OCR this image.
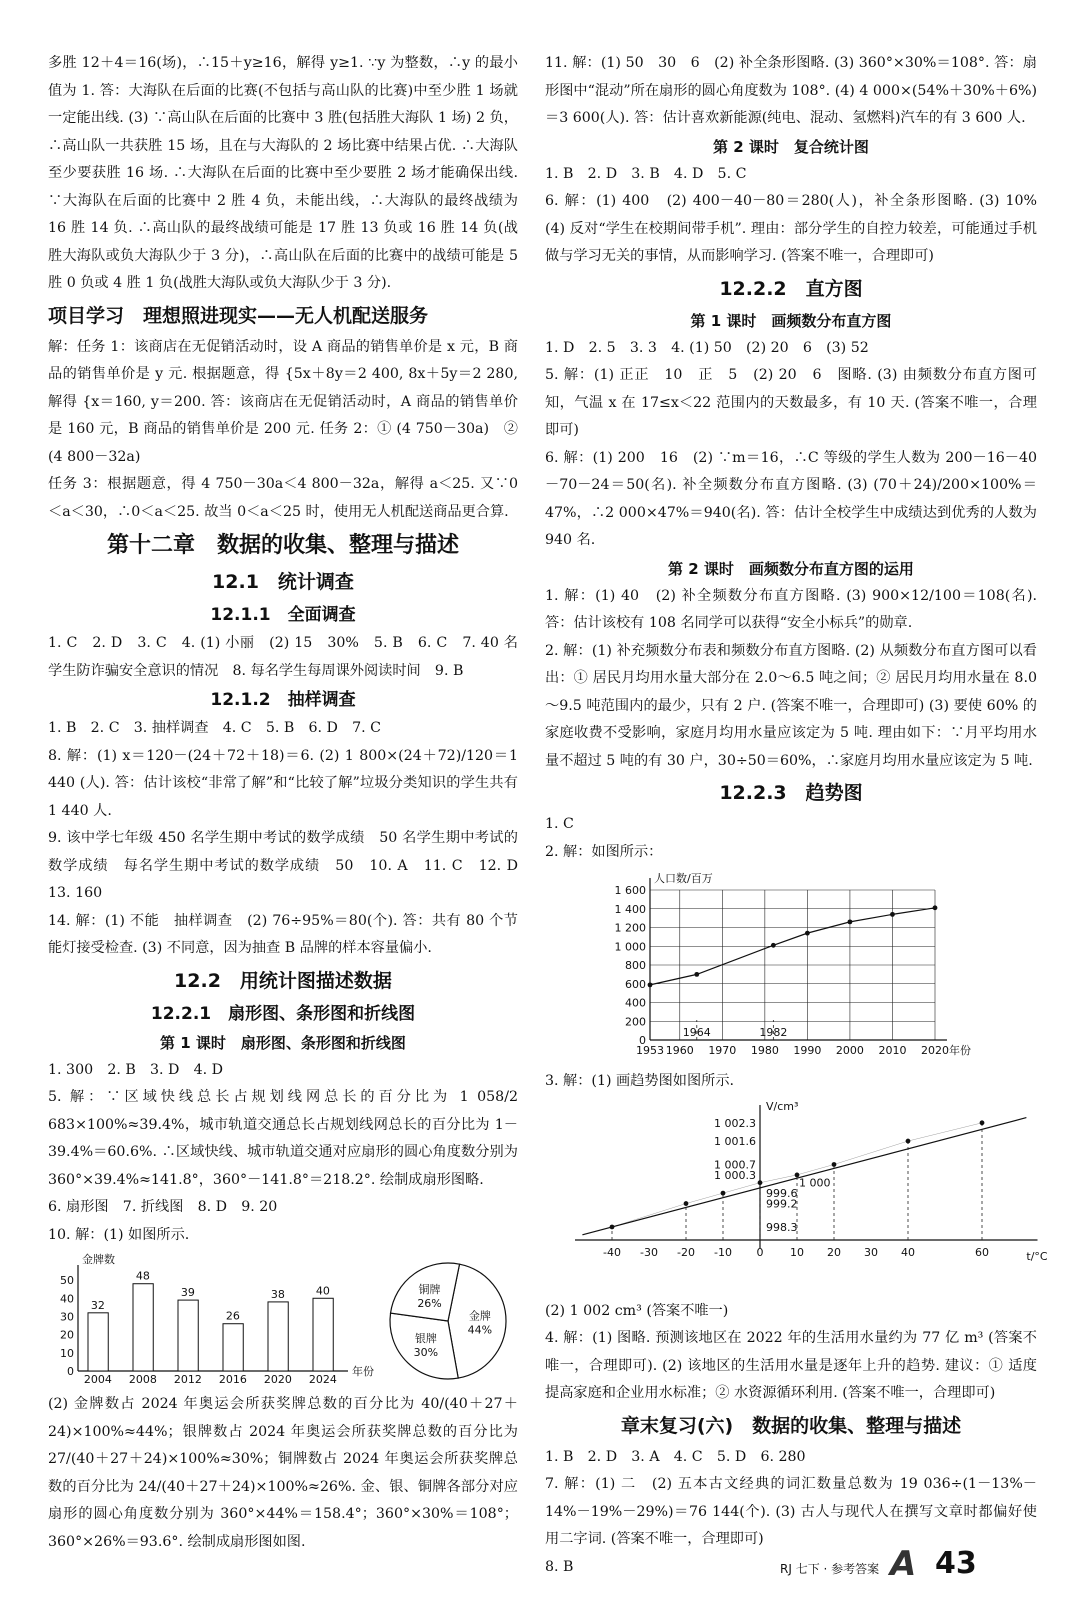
多胜 12＋4＝16(场)，∴15＋y≥16，解得 y≥1. ∵y 为整数，∴y 的最小值为 1. 答：大海队在后面的比赛(不包括与高山队的比赛)中至少胜 1 场就一定能出线. (3) ∵高山队在后面的比赛中 3 胜(包括胜大海队 1 场) 2 负，∴高山队一共获胜 15 场，且在与大海队的 2 场比赛中结果占优. ∴大海队至少要获胜 16 场. ∴大海队在后面的比赛中至少要胜 2 场才能确保出线. ∵大海队在后面的比赛中 2 胜 4 负，未能出线，∴大海队的最终战绩为 16 胜 14 负. ∴高山队的最终战绩可能是 17 胜 13 负或 16 胜 14 负(战胜大海队或负大海队少于 3 分)，∴高山队在后面的比赛中的战绩可能是 5 胜 0 负或 4 胜 1 负(战胜大海队或负大海队少于 3 分).

项目学习　理想照进现实——无人机配送服务

解：任务 1：该商店在无促销活动时，设 A 商品的销售单价是 x 元，B 商品的销售单价是 y 元. 根据题意，得 {5x＋8y＝2 400, 8x＋5y＝2 280, 解得 {x＝160, y＝200. 答：该商店在无促销活动时，A 商品的销售单价是 160 元，B 商品的销售单价是 200 元. 任务 2：① (4 750－30a)　② (4 800－32a)

任务 3：根据题意，得 4 750－30a＜4 800－32a，解得 a＜25. 又∵0＜a＜30，∴0＜a＜25. 故当 0＜a＜25 时，使用无人机配送商品更合算.

第十二章　数据的收集、整理与描述
12.1　统计调查
12.1.1　全面调查

1. C　2. D　3. C　4. (1) 小丽　(2) 15　30%　5. B　6. C　7. 40 名学生防诈骗安全意识的情况　8. 每名学生每周课外阅读时间　9. B

12.1.2　抽样调查

1. B　2. C　3. 抽样调查　4. C　5. B　6. D　7. C

8. 解：(1) x＝120－(24＋72＋18)＝6. (2) 1 800×(24＋72)/120＝1 440 (人). 答：估计该校“非常了解”和“比较了解”垃圾分类知识的学生共有 1 440 人.

9. 该中学七年级 450 名学生期中考试的数学成绩　50 名学生期中考试的数学成绩　每名学生期中考试的数学成绩　50　10. A　11. C　12. D　13. 160

14. 解：(1) 不能　抽样调查　(2) 76÷95%＝80(个). 答：共有 80 个节能灯接受检查. (3) 不同意，因为抽查 B 品牌的样本容量偏小.

12.2　用统计图描述数据
12.2.1　扇形图、条形图和折线图
第 1 课时　扇形图、条形图和折线图

1. 300　2. B　3. D　4. D

5. 解：∵区域快线总长占规划线网总长的百分比为 1 058/2 683×100%≈39.4%，城市轨道交通总长占规划线网总长的百分比为 1－39.4%＝60.6%. ∴区域快线、城市轨道交通对应扇形的圆心角度数分别为 360°×39.4%≈141.8°，360°－141.8°＝218.2°. 绘制成扇形图略.

6. 扇形图　7. 折线图　8. D　9. 20

10. 解：(1) 如图所示.

金牌数
年份
0
10
20
30
40
50
32
2004
48
2008
39
2012
26
2016
38
2020
40
2024
金牌
44%
银牌
30%
铜牌
26%

(2) 金牌数占 2024 年奥运会所获奖牌总数的百分比为 40/(40＋27＋24)×100%≈44%；银牌数占 2024 年奥运会所获奖牌总数的百分比为 27/(40＋27＋24)×100%≈30%；铜牌数占 2024 年奥运会所获奖牌总数的百分比为 24/(40＋27＋24)×100%≈26%. 金、银、铜牌各部分对应扇形的圆心角度数分别为 360°×44%＝158.4°；360°×30%＝108°；360°×26%＝93.6°. 绘制成扇形图如图.

11. 解：(1) 50　30　6　(2) 补全条形图略. (3) 360°×30%＝108°. 答：扇形图中“混动”所在扇形的圆心角度数为 108°. (4) 4 000×(54%＋30%＋6%)＝3 600(人). 答：估计喜欢新能源(纯电、混动、氢燃料)汽车的有 3 600 人.

第 2 课时　复合统计图

1. B　2. D　3. B　4. D　5. C

6. 解：(1) 400　(2) 400－40－80＝280(人)，补全条形图略. (3) 10%　(4) 反对“学生在校期间带手机”. 理由：部分学生的自控力较差，可能通过手机做与学习无关的事情，从而影响学习. (答案不唯一，合理即可)

12.2.2　直方图
第 1 课时　画频数分布直方图

1. D　2. 5　3. 3　4. (1) 50　(2) 20　6　(3) 52

5. 解：(1) 正正　10　正　5　(2) 20　6　图略. (3) 由频数分布直方图可知，气温 x 在 17≤x＜22 范围内的天数最多，有 10 天. (答案不唯一，合理即可)

6. 解：(1) 200　16　(2) ∵m＝16，∴C 等级的学生人数为 200－16－40－70－24＝50(名). 补全频数分布直方图略. (3) (70＋24)/200×100%＝47%，∴2 000×47%＝940(名). 答：估计全校学生中成绩达到优秀的人数为 940 名.

第 2 课时　画频数分布直方图的运用

1. 解：(1) 40　(2) 补全频数分布直方图略. (3) 900×12/100＝108(名). 答：估计该校有 108 名同学可以获得“安全小标兵”的勋章.

2. 解：(1) 补充频数分布表和频数分布直方图略. (2) 从频数分布直方图可以看出：① 居民月均用水量大部分在 2.0～6.5 吨之间；② 居民月均用水量在 8.0～9.5 吨范围内的最少，只有 2 户. (答案不唯一，合理即可) (3) 要使 60% 的家庭收费不受影响，家庭月均用水量应该定为 5 吨. 理由如下：∵月平均用水量不超过 5 吨的有 30 户，30÷50＝60%，∴家庭月均用水量应该定为 5 吨.

12.2.3　趋势图

1. C

2. 解：如图所示：

0
200
400
600
800
1 000
1 200
1 400
1 600
1953 1960 1970 1980 1990 2000 2010 2020
人口数/百万
年份
1964	1982

3. 解：(1) 画趋势图如图所示.

V/cm³
t/°C
-40 -30 -20 -10 0 10 20 30 40	60
998.3
999.2
999.6
1 000
1 000.3
1 000.7
1 001.6
1 002.3

(2) 1 002 cm³ (答案不唯一)

4. 解：(1) 图略. 预测该地区在 2022 年的生活用水量约为 77 亿 m³ (答案不唯一，合理即可). (2) 该地区的生活用水量是逐年上升的趋势. 建议：① 适度提高家庭和企业用水标准；② 水资源循环利用. (答案不唯一，合理即可)

章末复习(六)　数据的收集、整理与描述

1. B　2. D　3. A　4. C　5. D　6. 280

7. 解：(1) 二　(2) 五本古文经典的词汇数量总数为 19 036÷(1－13%－14%－19%－29%)＝76 144(个). (3) 古人与现代人在撰写文章时都偏好使用二字词. (答案不唯一，合理即可)

8. B	RJ 七下 · 参考答案 A 43
